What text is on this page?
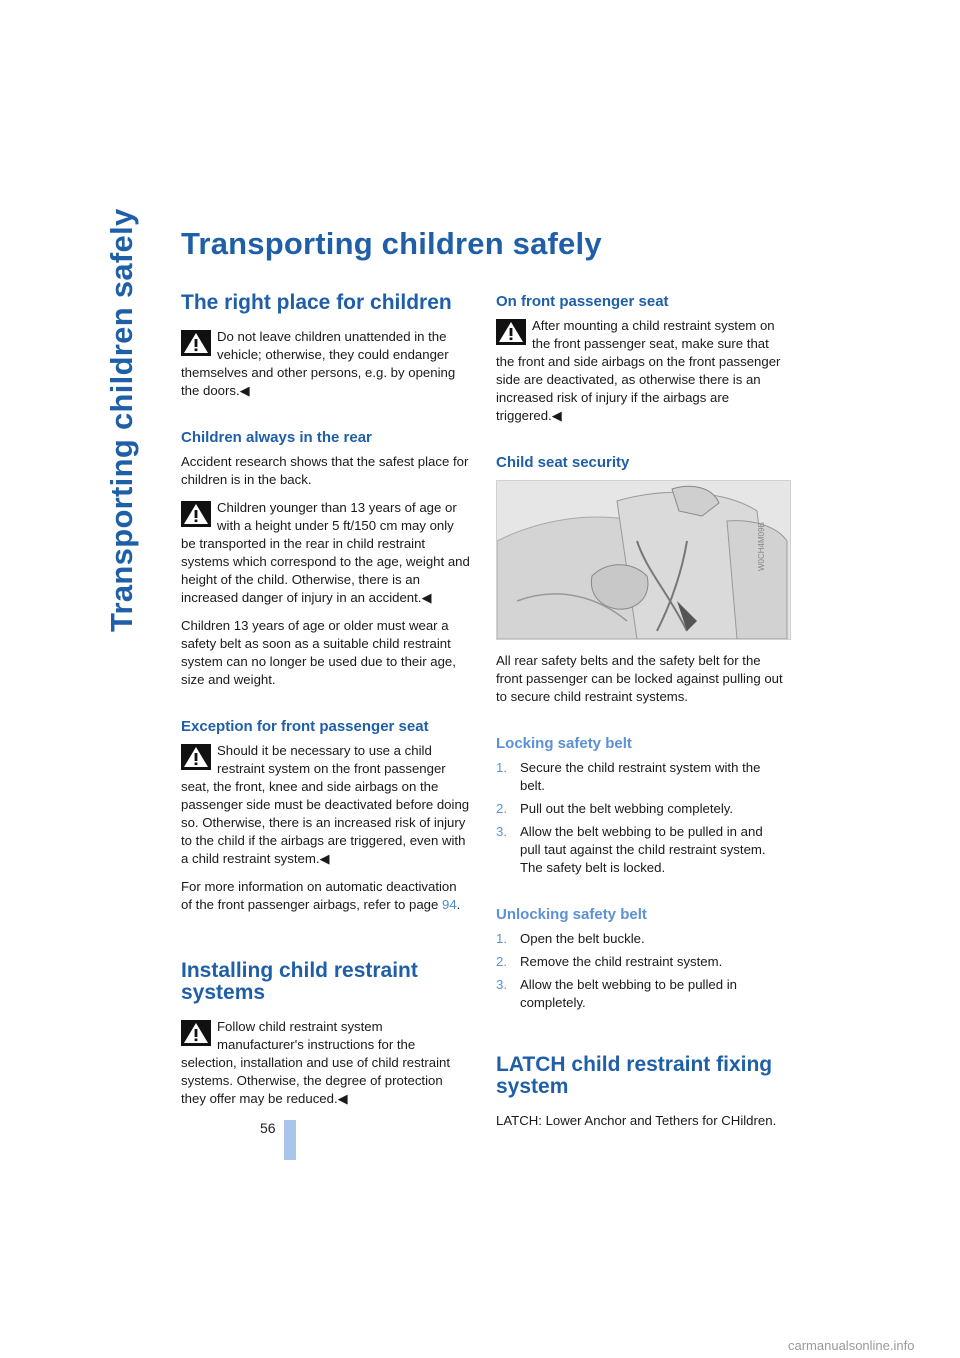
Transporting children safely
56
Transporting children safely
The right place for children
Do not leave children unattended in the vehicle; otherwise, they could endanger themselves and other persons, e.g. by opening the doors.◀
Children always in the rear

Accident research shows that the safest place for children is in the back.

Children younger than 13 years of age or with a height under 5 ft/150 cm may only be transported in the rear in child restraint systems which correspond to the age, weight and height of the child. Otherwise, there is an increased danger of injury in an accident.◀

Children 13 years of age or older must wear a safety belt as soon as a suitable child restraint system can no longer be used due to their age, size and weight.

Exception for front passenger seat
Should it be necessary to use a child restraint system on the front passenger seat, the front, knee and side airbags on the passenger side must be deactivated before doing so. Otherwise, there is an increased risk of injury to the child if the airbags are triggered, even with a child restraint system.◀

For more information on automatic deactivation of the front passenger airbags, refer to page 94.

Installing child restraint systems
Follow child restraint system manufacturer's instructions for the selection, installation and use of child restraint systems. Otherwise, the degree of protection they offer may be reduced.◀
On front passenger seat
After mounting a child restraint system on the front passenger seat, make sure that the front and side airbags on the front passenger side are deactivated, as otherwise there is an increased risk of injury if the airbags are triggered.◀
Child seat security
W0CH4M09B

All rear safety belts and the safety belt for the front passenger can be locked against pulling out to secure child restraint systems.

Locking safety belt
1. Secure the child restraint system with the belt.
2. Pull out the belt webbing completely.
3. Allow the belt webbing to be pulled in and pull taut against the child restraint system. The safety belt is locked.
Unlocking safety belt
1. Open the belt buckle.
2. Remove the child restraint system.
3. Allow the belt webbing to be pulled in completely.
LATCH child restraint fixing system

LATCH: Lower Anchor and Tethers for CHildren.

carmanualsonline.info
